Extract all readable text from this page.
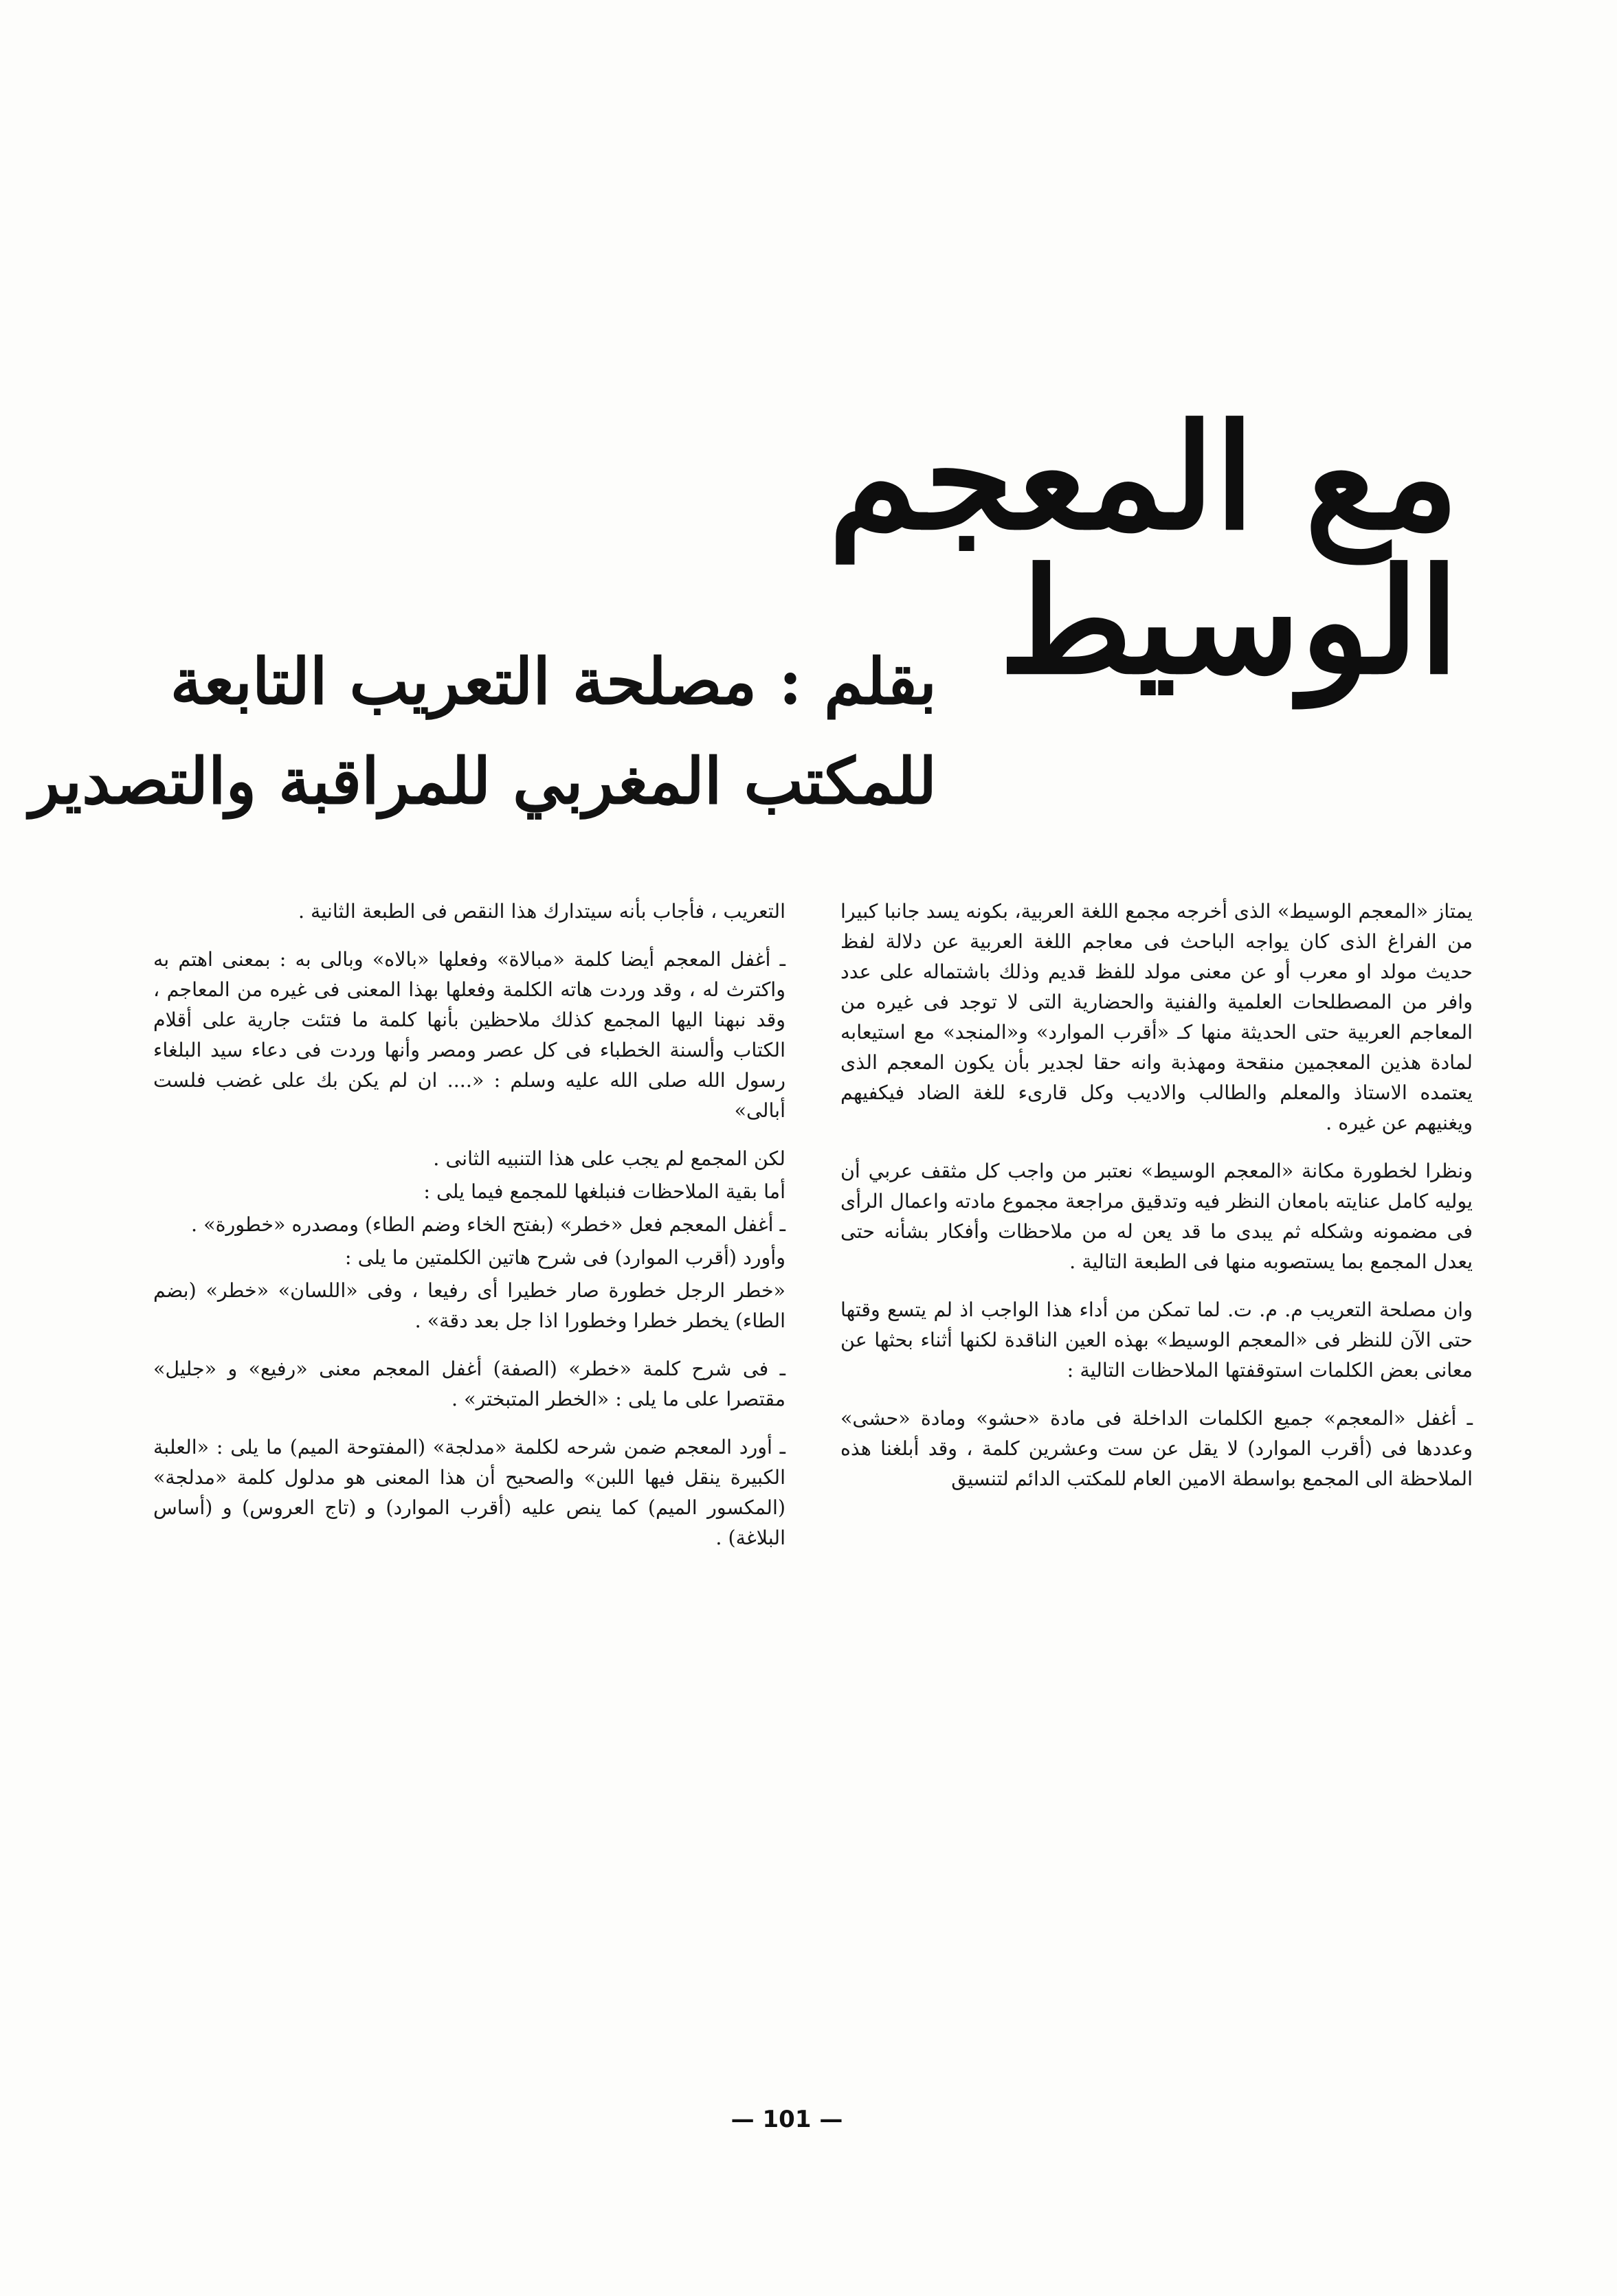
مع المعجم الوسيط
بقلم : مصلحة التعريب التابعة
للمكتب المغربي للمراقبة والتصدير

يمتاز «المعجم الوسيط» الذى أخرجه مجمع اللغة العربية، بكونه يسد جانبا كبيرا من الفراغ الذى كان يواجه الباحث فى معاجم اللغة العربية عن دلالة لفظ حديث مولد او معرب أو عن معنى مولد للفظ قديم وذلك باشتماله على عدد وافر من المصطلحات العلمية والفنية والحضارية التى لا توجد فى غيره من المعاجم العربية حتى الحديثة منها كـ «أقرب الموارد» و«المنجد» مع استيعابه لمادة هذين المعجمين منقحة ومهذبة وانه حقا لجدير بأن يكون المعجم الذى يعتمده الاستاذ والمعلم والطالب والاديب وكل قارىء للغة الضاد فيكفيهم ويغنيهم عن غيره .

ونظرا لخطورة مكانة «المعجم الوسيط» نعتبر من واجب كل مثقف عربي أن يوليه كامل عنايته بامعان النظر فيه وتدقيق مراجعة مجموع مادته واعمال الرأى فى مضمونه وشكله ثم يبدى ما قد يعن له من ملاحظات وأفكار بشأنه حتى يعدل المجمع بما يستصوبه منها فى الطبعة التالية .

وان مصلحة التعريب م. م. ت. لما تمكن من أداء هذا الواجب اذ لم يتسع وقتها حتى الآن للنظر فى «المعجم الوسيط» بهذه العين الناقدة لكنها أثناء بحثها عن معانى بعض الكلمات استوقفتها الملاحظات التالية :

ـ أغفل «المعجم» جميع الكلمات الداخلة فى مادة «حشو» ومادة «حشى» وعددها فى (أقرب الموارد) لا يقل عن ست وعشرين كلمة ، وقد أبلغنا هذه الملاحظة الى المجمع بواسطة الامين العام للمكتب الدائم لتنسيق

التعريب ، فأجاب بأنه سيتدارك هذا النقص فى الطبعة الثانية .

ـ أغفل المعجم أيضا كلمة «مبالاة» وفعلها «بالاه» وبالى به : بمعنى اهتم به واكترث له ، وقد وردت هاته الكلمة وفعلها بهذا المعنى فى غيره من المعاجم ، وقد نبهنا اليها المجمع كذلك ملاحظين بأنها كلمة ما فتئت جارية على أقلام الكتاب وألسنة الخطباء فى كل عصر ومصر وأنها وردت فى دعاء سيد البلغاء رسول الله صلى الله عليه وسلم : «.... ان لم يكن بك على غضب فلست أبالى»

لكن المجمع لم يجب على هذا التنبيه الثانى .

أما بقية الملاحظات فنبلغها للمجمع فيما يلى :

ـ أغفل المعجم فعل «خطر» (بفتح الخاء وضم الطاء) ومصدره «خطورة» .

وأورد (أقرب الموارد) فى شرح هاتين الكلمتين ما يلى :

«خطر الرجل خطورة صار خطيرا أى رفيعا ، وفى «اللسان» «خطر» (بضم الطاء) يخطر خطرا وخطورا اذا جل بعد دقة» .

ـ فى شرح كلمة «خطر» (الصفة) أغفل المعجم معنى «رفيع» و «جليل» مقتصرا على ما يلى : «الخطر المتبختر» .

ـ أورد المعجم ضمن شرحه لكلمة «مدلجة» (المفتوحة الميم) ما يلى : «العلبة الكبيرة ينقل فيها اللبن» والصحيح أن هذا المعنى هو مدلول كلمة «مدلجة» (المكسور الميم) كما ينص عليه (أقرب الموارد) و (تاج العروس) و (أساس البلاغة) .

— 101 —
